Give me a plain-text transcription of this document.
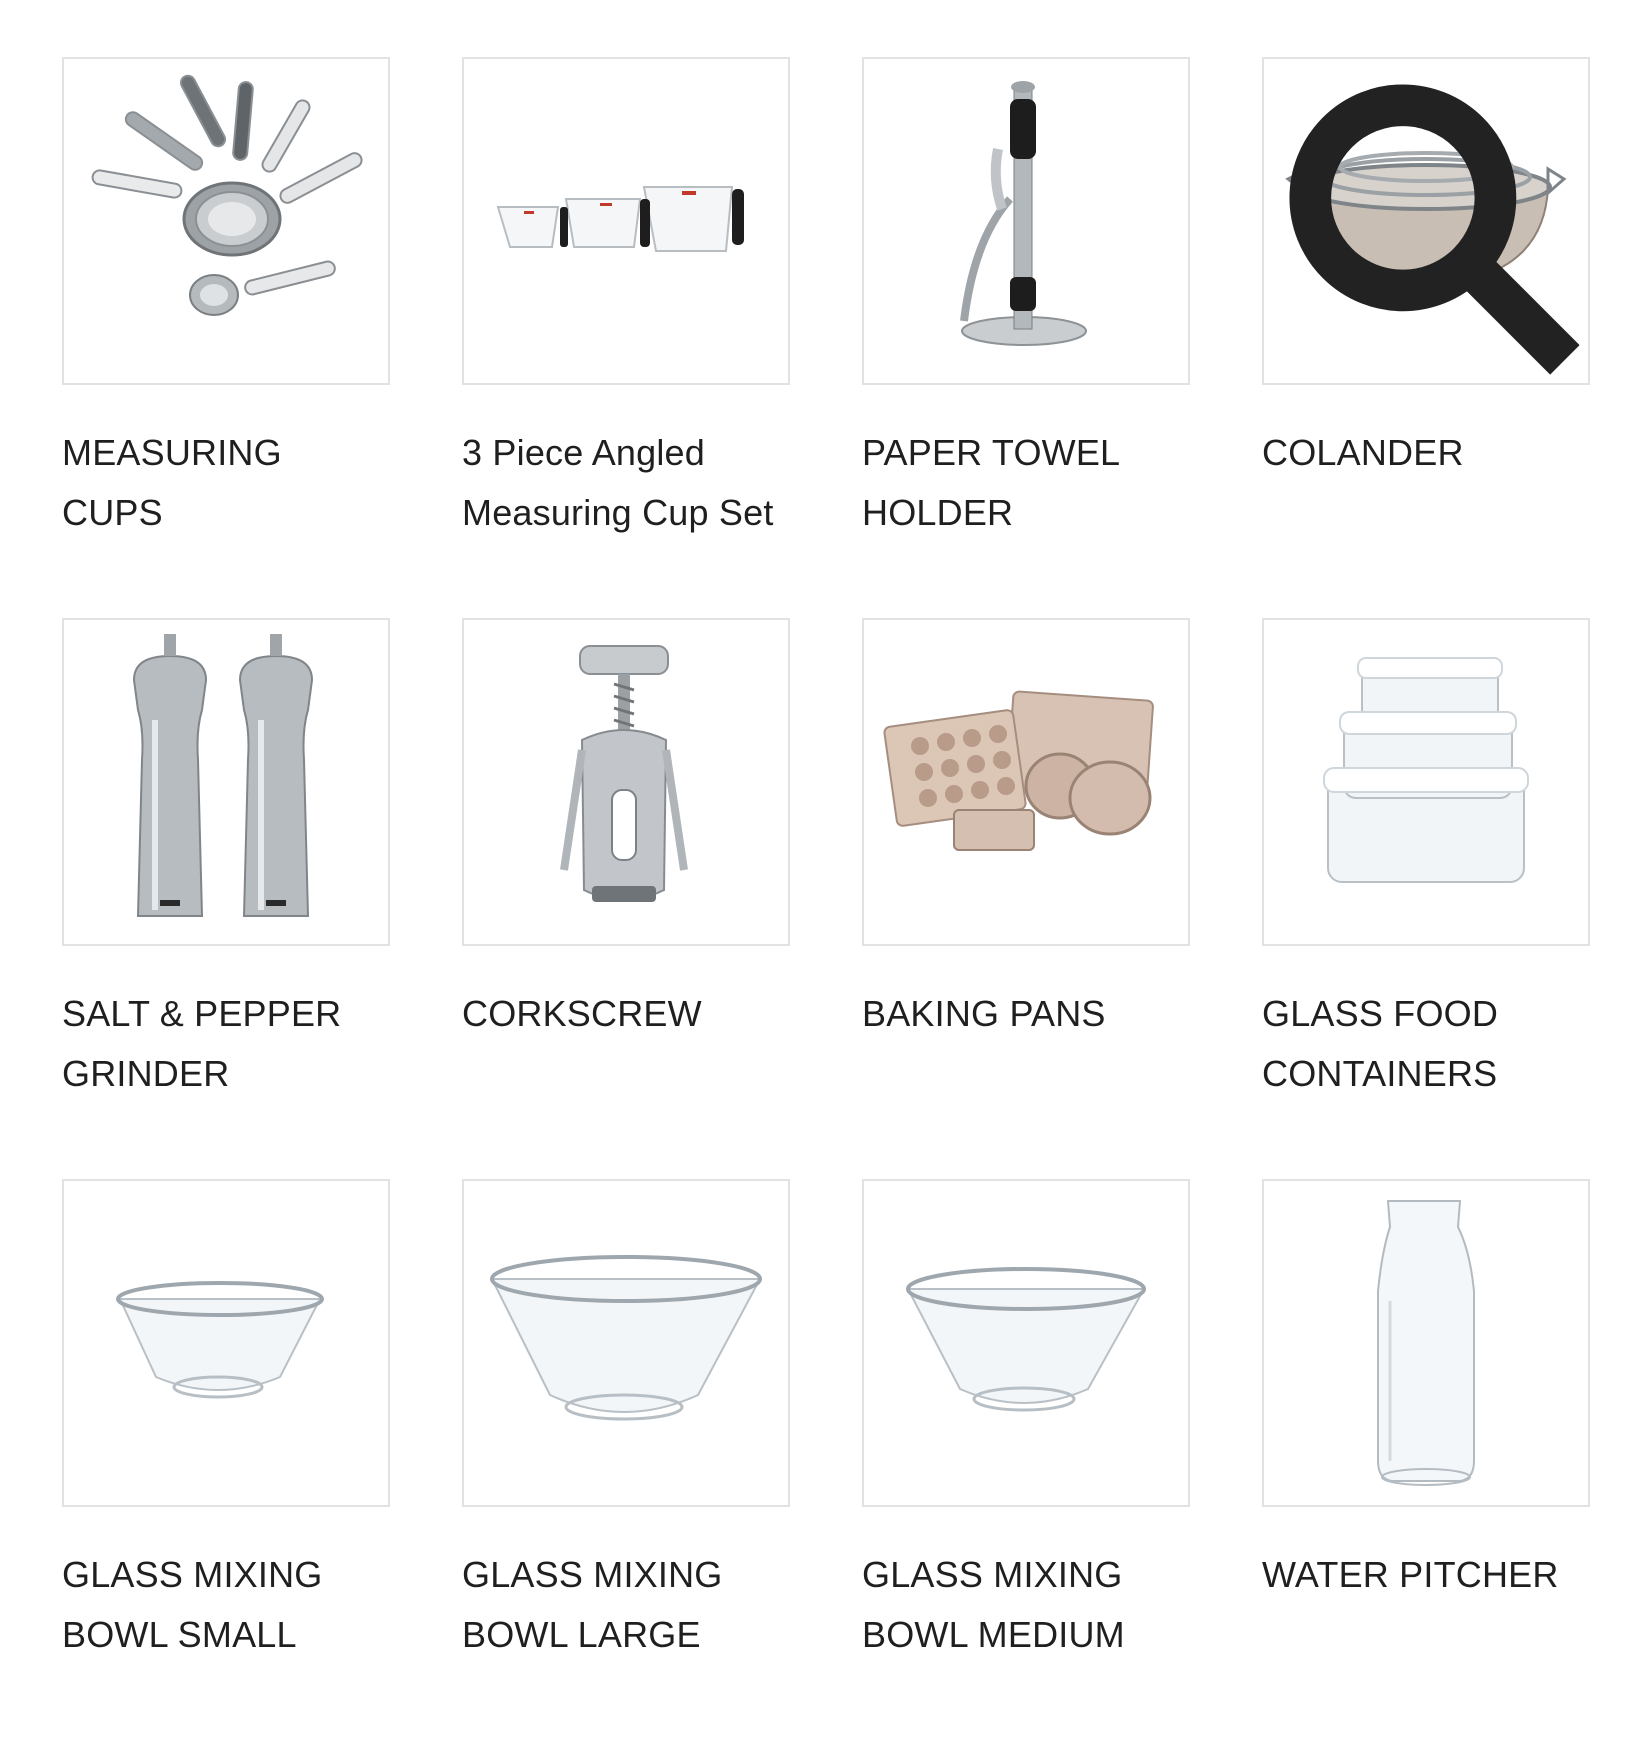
MEASURING CUPS
3 Piece Angled Measuring Cup Set
PAPER TOWEL HOLDER
COLANDER
SALT & PEPPER GRINDER
CORKSCREW	BAKING PANS	GLASS FOOD CONTAINERS
GLASS MIXING BOWL SMALL
GLASS MIXING BOWL LARGE
GLASS MIXING BOWL MEDIUM
WATER PITCHER
